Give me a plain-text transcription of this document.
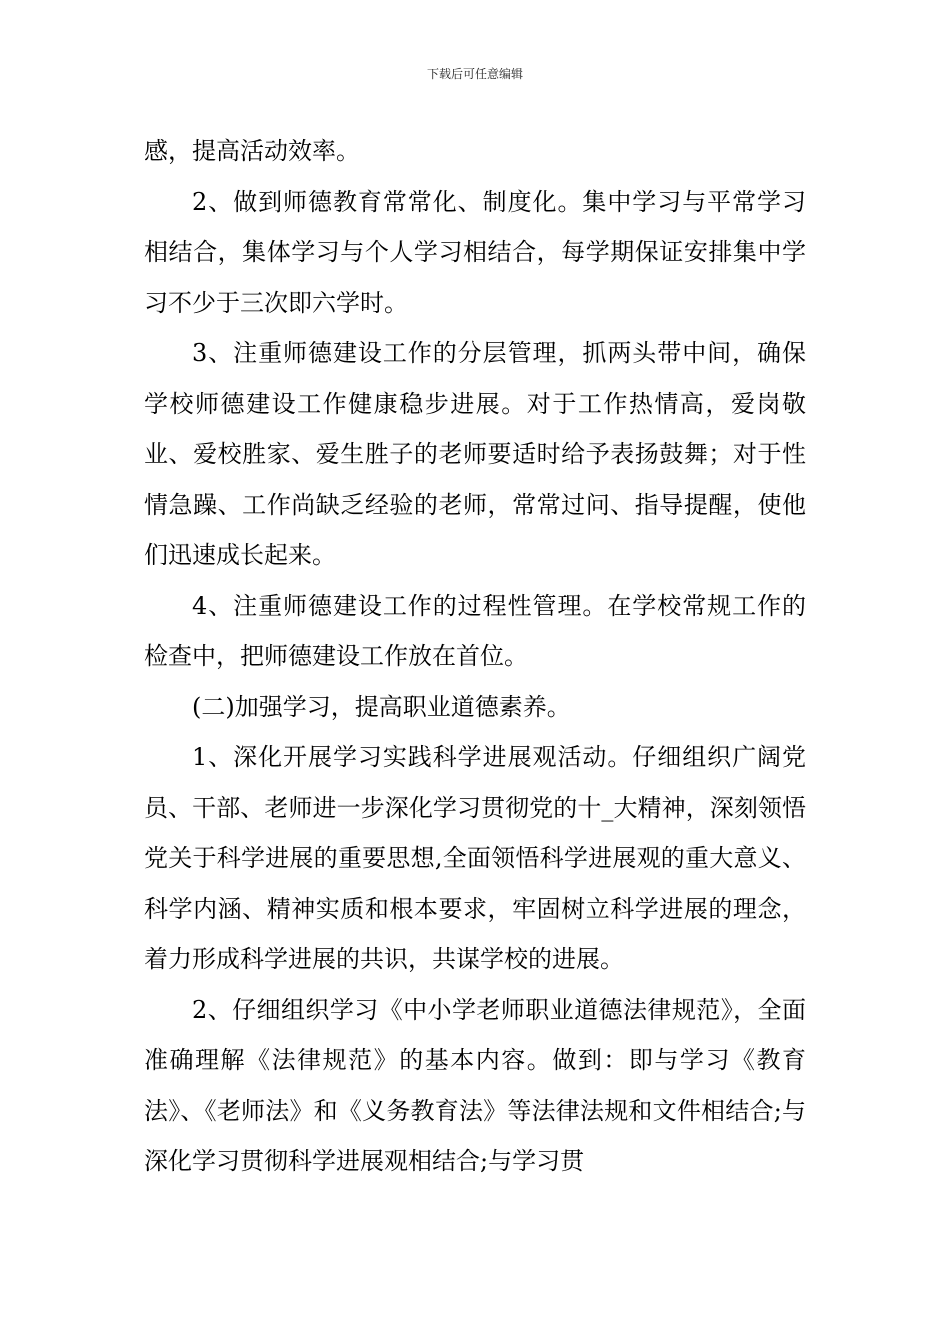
下载后可任意编辑

感，提高活动效率。

2、做到师德教育常常化、制度化。集中学习与平常学习相结合，集体学习与个人学习相结合，每学期保证安排集中学习不少于三次即六学时。

3、注重师德建设工作的分层管理，抓两头带中间，确保学校师德建设工作健康稳步进展。对于工作热情高，爱岗敬业、爱校胜家、爱生胜子的老师要适时给予表扬鼓舞；对于性情急躁、工作尚缺乏经验的老师，常常过问、指导提醒，使他们迅速成长起来。

4、注重师德建设工作的过程性管理。在学校常规工作的检查中，把师德建设工作放在首位。

(二)加强学习，提高职业道德素养。

1、深化开展学习实践科学进展观活动。仔细组织广阔党员、干部、老师进一步深化学习贯彻党的十_大精神，深刻领悟党关于科学进展的重要思想,全面领悟科学进展观的重大意义、科学内涵、精神实质和根本要求，牢固树立科学进展的理念，着力形成科学进展的共识，共谋学校的进展。

2、仔细组织学习《中小学老师职业道德法律规范》，全面准确理解《法律规范》的基本内容。做到：即与学习《教育法》、《老师法》和《义务教育法》等法律法规和文件相结合;与深化学习贯彻科学进展观相结合;与学习贯
